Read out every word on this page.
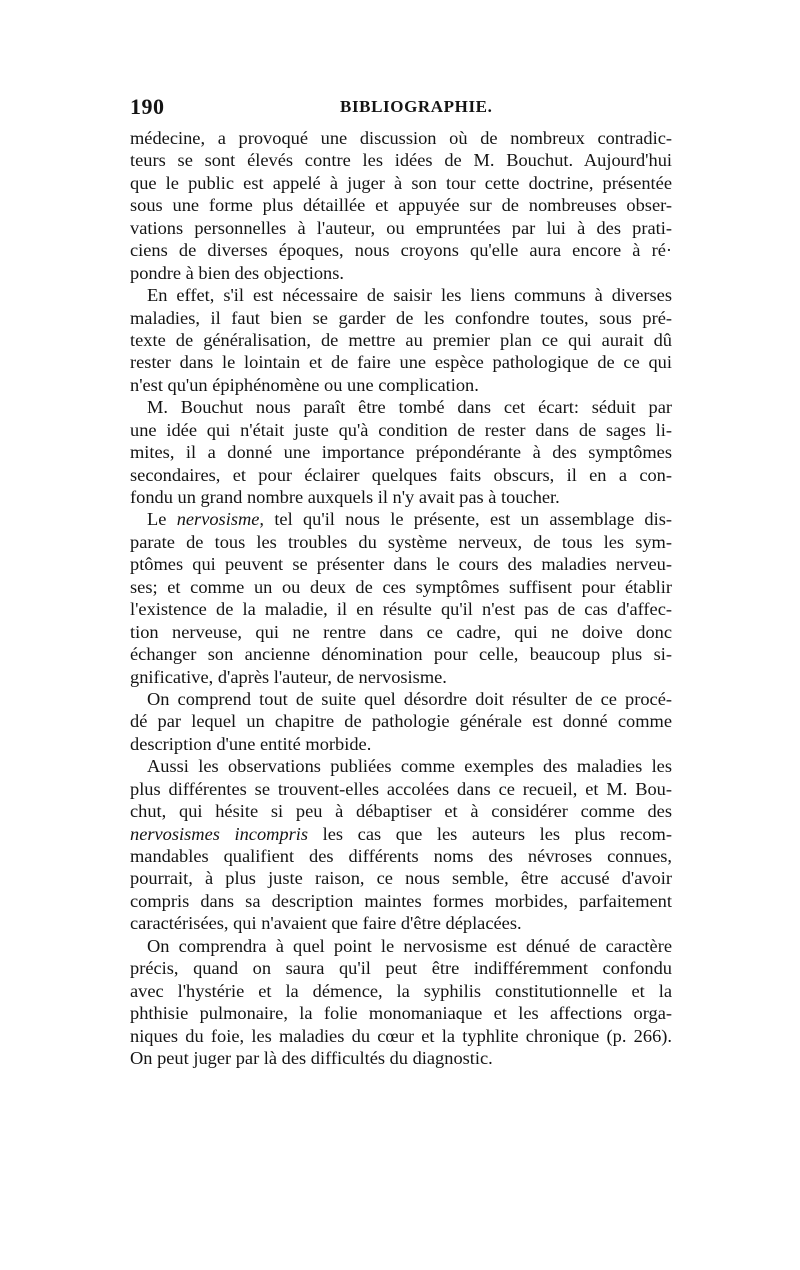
190	BIBLIOGRAPHIE.
médecine, a provoqué une discussion où de nombreux contradic-
teurs se sont élevés contre les idées de M. Bouchut. Aujourd'hui
que le public est appelé à juger à son tour cette doctrine, présentée
sous une forme plus détaillée et appuyée sur de nombreuses obser-
vations personnelles à l'auteur, ou empruntées par lui à des prati-
ciens de diverses époques, nous croyons qu'elle aura encore à ré·
pondre à bien des objections.
En effet, s'il est nécessaire de saisir les liens communs à diverses
maladies, il faut bien se garder de les confondre toutes, sous pré-
texte de généralisation, de mettre au premier plan ce qui aurait dû
rester dans le lointain et de faire une espèce pathologique de ce qui
n'est qu'un épiphénomène ou une complication.
M. Bouchut nous paraît être tombé dans cet écart: séduit par
une idée qui n'était juste qu'à condition de rester dans de sages li-
mites, il a donné une importance prépondérante à des symptômes
secondaires, et pour éclairer quelques faits obscurs, il en a con-
fondu un grand nombre auxquels il n'y avait pas à toucher.
Le nervosisme, tel qu'il nous le présente, est un assemblage dis-
parate de tous les troubles du système nerveux, de tous les sym-
ptômes qui peuvent se présenter dans le cours des maladies nerveu-
ses; et comme un ou deux de ces symptômes suffisent pour établir
l'existence de la maladie, il en résulte qu'il n'est pas de cas d'affec-
tion nerveuse, qui ne rentre dans ce cadre, qui ne doive donc
échanger son ancienne dénomination pour celle, beaucoup plus si-
gnificative, d'après l'auteur, de nervosisme.
On comprend tout de suite quel désordre doit résulter de ce procé-
dé par lequel un chapitre de pathologie générale est donné comme
description d'une entité morbide.
Aussi les observations publiées comme exemples des maladies les
plus différentes se trouvent-elles accolées dans ce recueil, et M. Bou-
chut, qui hésite si peu à débaptiser et à considérer comme des
nervosismes incompris les cas que les auteurs les plus recom-
mandables qualifient des différents noms des névroses connues,
pourrait, à plus juste raison, ce nous semble, être accusé d'avoir
compris dans sa description maintes formes morbides, parfaitement
caractérisées, qui n'avaient que faire d'être déplacées.
On comprendra à quel point le nervosisme est dénué de caractère
précis, quand on saura qu'il peut être indifféremment confondu
avec l'hystérie et la démence, la syphilis constitutionnelle et la
phthisie pulmonaire, la folie monomaniaque et les affections orga-
niques du foie, les maladies du cœur et la typhlite chronique (p. 266).
On peut juger par là des difficultés du diagnostic.
